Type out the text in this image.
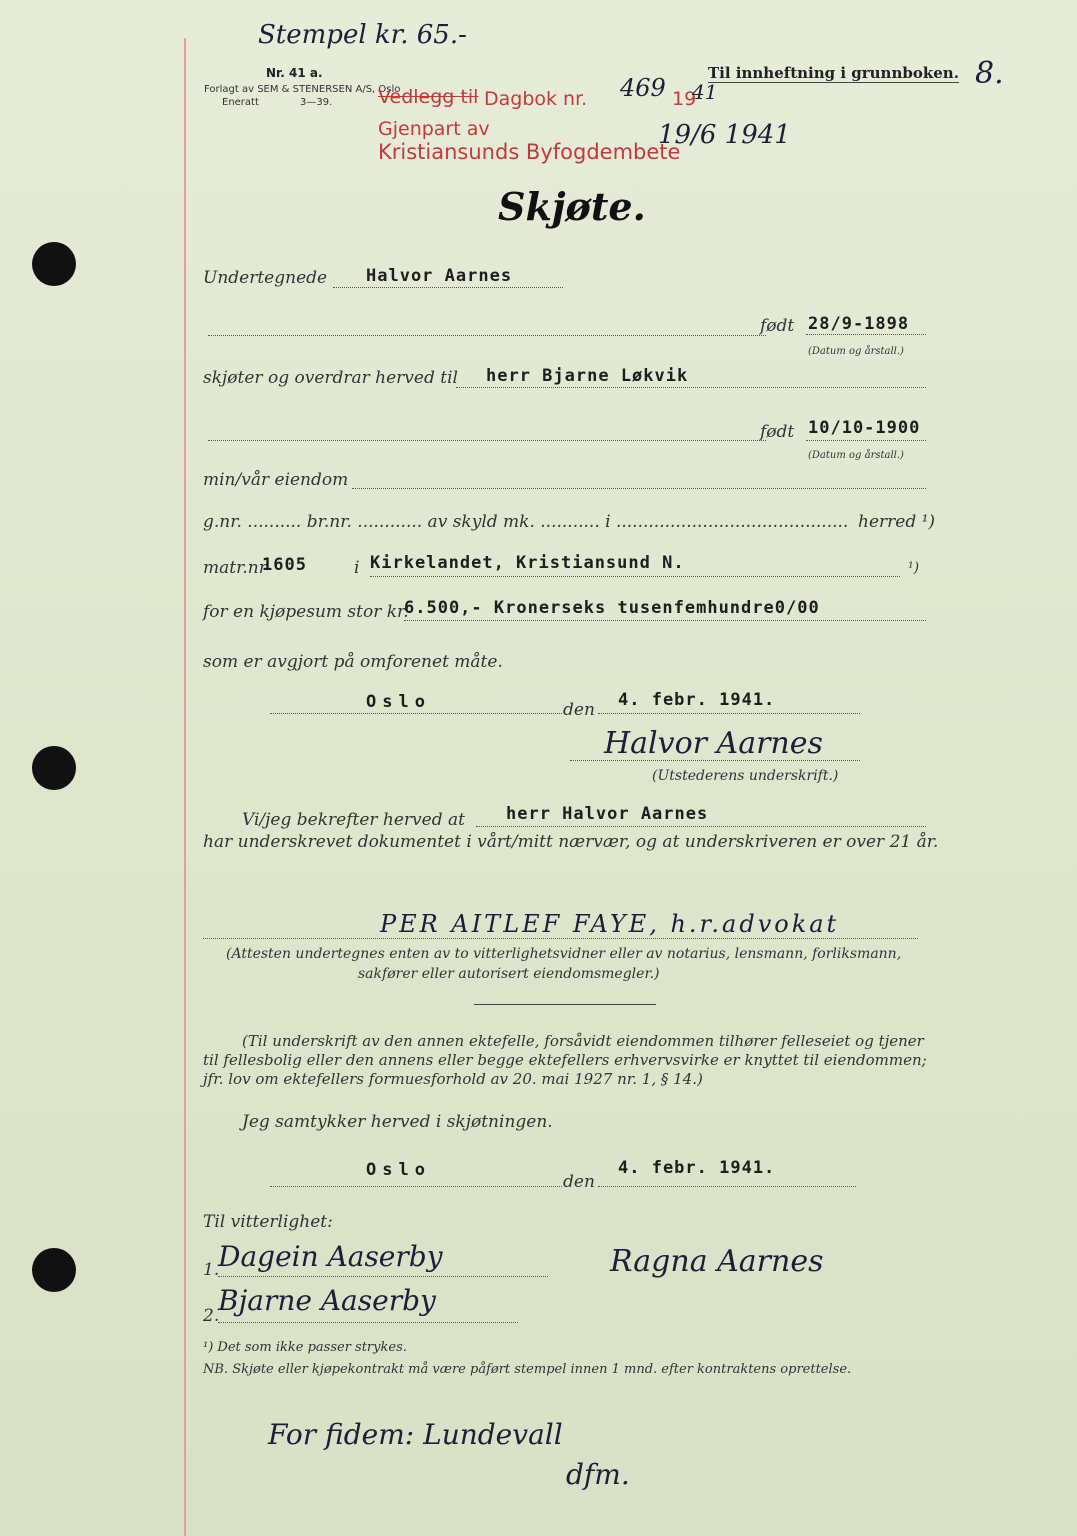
Stempel kr. 65.-
Nr. 41 a.
Forlagt av SEM & STENERSEN A/S, Oslo
Eneratt	3—39. Vedlegg til Dagbok nr. 469 19
41
Til innheftning i grunnboken. 8.
Gjenpart av
Kristiansunds Byfogdembete
19/6 1941
Skjøte.
Undertegnede Halvor Aarnes
født 28/9-1898
(Datum og årstall.)
skjøter og overdrar herved til herr Bjarne Løkvik
født 10/10-1900
(Datum og årstall.)
min/vår eiendom
g.nr. .......... br.nr. ............ av skyld mk. ........... i ........................................... herred ¹)
matr.nr
1605	i Kirkelandet, Kristiansund N.	¹)
for en kjøpesum stor kr.
6.500,- Kronerseks tusenfemhundre0/00
som er avgjort på omforenet måte.
Oslo	den 4. febr. 1941.
Halvor Aarnes
(Utstederens underskrift.)
Vi/jeg bekrefter herved at herr Halvor Aarnes
har underskrevet dokumentet i vårt/mitt nærvær, og at underskriveren er over 21 år.
PER AITLEF FAYE, h.r.advokat
(Attesten undertegnes enten av to vitterlighetsvidner eller av notarius, lensmann, forliksmann,
sakfører eller autorisert eiendomsmegler.)
(Til underskrift av den annen ektefelle, forsåvidt eiendommen tilhører felleseiet og tjener
til fellesbolig eller den annens eller begge ektefellers erhvervsvirke er knyttet til eiendommen;
jfr. lov om ektefellers formuesforhold av 20. mai 1927 nr. 1, § 14.)
Jeg samtykker herved i skjøtningen.
Oslo
den
4. febr. 1941.
Til vitterlighet:
1.
Dagein Aaserby
2.
Bjarne Aaserby
Ragna Aarnes
¹) Det som ikke passer strykes.
NB. Skjøte eller kjøpekontrakt må være påført stempel innen 1 mnd. efter kontraktens oprettelse.
For fidem: Lundevall
dfm.
